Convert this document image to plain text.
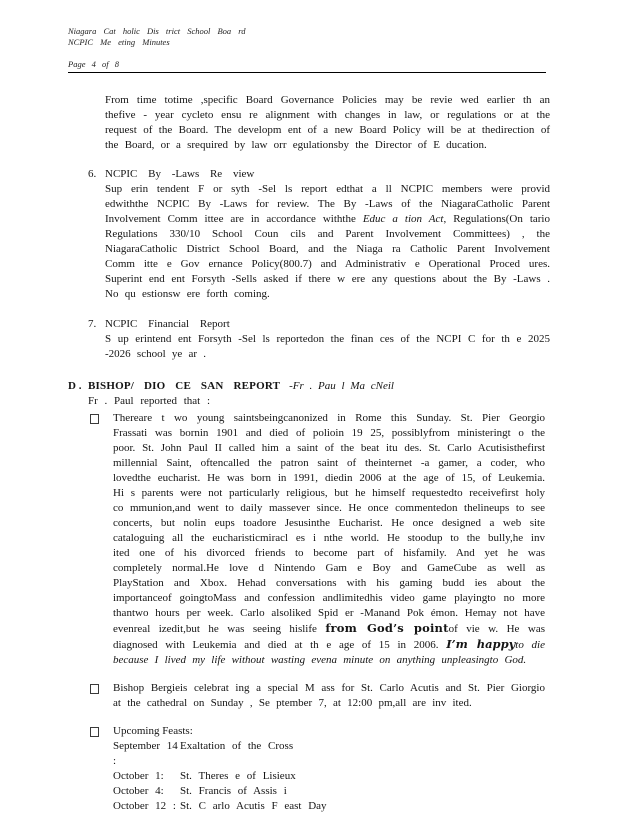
Niagara Cat holic Dis trict School Boa rd
NCPIC Me eting Minutes
Page 4 of 8

From time totime ,specific Board Governance Policies may be revie wed earlier th an thefive - year cycleto ensu re alignment with changes in law, or regulations or at the request of the Board. The developm ent of a new Board Policy will be at thedirection of the Board, or a srequired by law orr egulationsby the Director of E ducation.

6. NCPIC By -Laws Re view
Sup erin tendent F or syth -Sel ls report edthat a ll NCPIC members were provid edwiththe NCPIC By -Laws for review. The By -Laws of the NiagaraCatholic Parent Involvement Comm ittee are in accordance withthe Educ a tion Act, Regulations(On tario Regulations 330/10 School Coun cils and Parent Involvement Committees) , the NiagaraCatholic District School Board, and the Niaga ra Catholic Parent Involvement Comm itte e Gov ernance Policy(800.7) and Administrativ e Operational Proced ures. Superint end ent Forsyth -Sells asked if there w ere any questions about the By -Laws . No qu estionsw ere forth coming.
7. NCPIC Financial Report
S up erintend ent Forsyth -Sel ls reportedon the finan ces of the NCPI C for th e 2025 -2026 school ye ar .
D . BISHOP/ DIO CE SAN REPORT -Fr . Pau l Ma cNeil
Fr . Paul reported that :
Thereare t wo young saintsbeingcanonized in Rome this Sunday. St. Pier Georgio Frassati was bornin 1901 and died of polioin 19 25, possiblyfrom ministeringt o the poor. St. John Paul II called him a saint of the beat itu des. St. Carlo Acutisisthefirst millennial Saint, oftencalled the patron saint of theinternet -a gamer, a coder, who lovedthe eucharist. He was born in 1991, diedin 2006 at the age of 15, of Leukemia. Hi s parents were not particularly religious, but he himself requestedto receivefirst holy co mmunion,and went to daily massever since. He once commentedon thelineups to see concerts, but nolin eups toadore Jesusinthe Eucharist. He once designed a web site cataloguing all the eucharisticmiracl es i nthe world. He stoodup to the bully,he inv ited one of his divorced friends to become part of hisfamily. And yet he was completely normal.He love d Nintendo Gam e Boy and GameCube as well as PlayStation and Xbox. Hehad conversations with his gaming budd ies about the importanceof goingtoMass and confession andlimitedhis video game playingto no more thantwo hours per week. Carlo alsoliked Spid er -Manand Pok émon. Hemay not have evenreal izedit,but he was seeing hislife from God’s pointof vie w. He was diagnosed with Leukemia and died at th e age of 15 in 2006. I’m happyto die because I lived my life without wasting evena minute on anything unpleasingto God.
Bishop Bergieis celebrat ing a special M ass for St. Carlo Acutis and St. Pier Giorgio at the cathedral on Sunday , Se ptember 7, at 12:00 pm,all are inv ited.
Upcoming Feasts:
September 14 :
Exaltation of the Cross
October 1:	St. Theres e of Lisieux
October 4:	St. Francis of Assis i
October 12 : St. C arlo Acutis F east Day
